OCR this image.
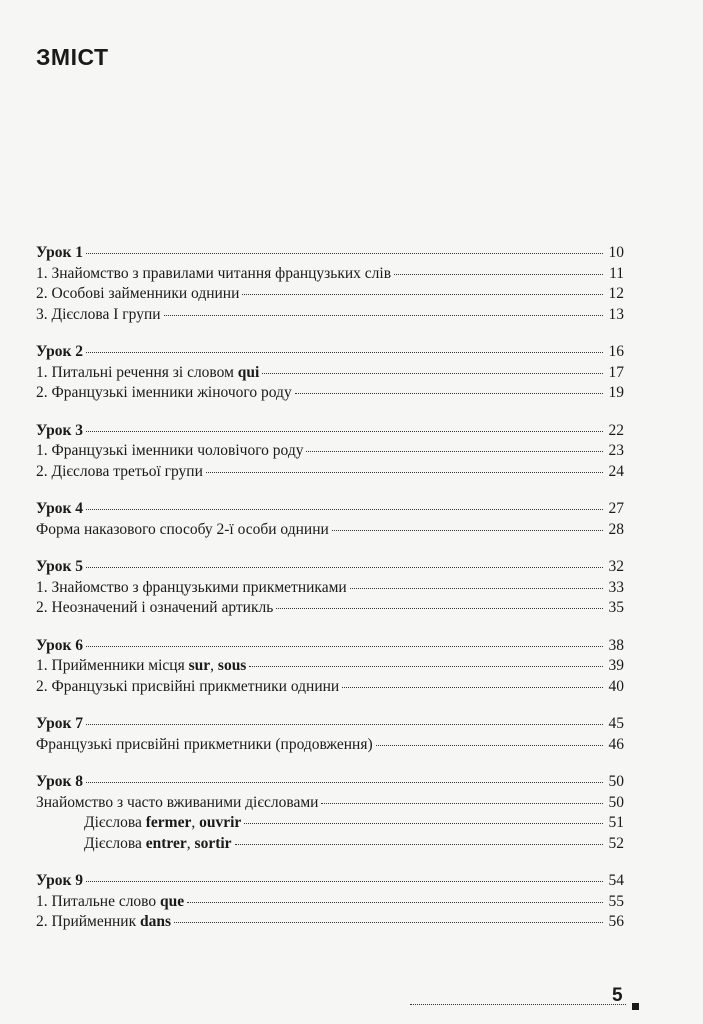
ЗМІСТ
Урок 1	10
1. Знайомство з правилами читання французьких слів	11
2. Особові займенники однини	12
3. Дієслова І групи	13
Урок 2	16
1. Питальні речення зі словом qui	17
2. Французькі іменники жіночого роду	19
Урок 3	22
1. Французькі іменники чоловічого роду	23
2. Дієслова третьої групи	24
Урок 4	27
Форма наказового способу 2-ї особи однини	28
Урок 5	32
1. Знайомство з французькими прикметниками	33
2. Неозначений і означений артикль	35
Урок 6	38
1. Прийменники місця sur, sous	39
2. Французькі присвійні прикметники однини	40
Урок 7	45
Французькі присвійні прикметники (продовження)	46
Урок 8	50
Знайомство з часто вживаними дієсловами	50
Дієслова fermer, ouvrir	51
Дієслова entrer, sortir	52
Урок 9	54
1. Питальне слово que	55
2. Прийменник dans	56
5
